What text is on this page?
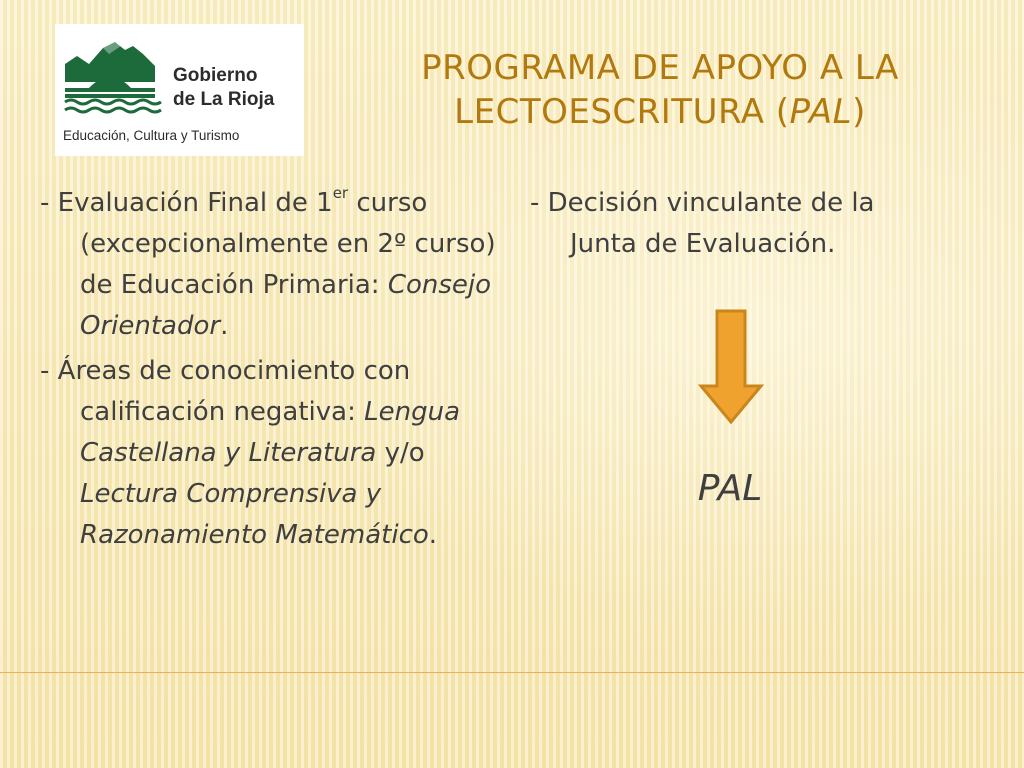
Gobierno
de La Rioja
Educación, Cultura y Turismo
PROGRAMA DE APOYO A LA
LECTOESCRITURA (PAL)

- Evaluación Final de 1er curso (excepcionalmente en 2º curso) de Educación Primaria: Consejo Orientador.

- Áreas de conocimiento con calificación negativa: Lengua Castellana y Literatura y/o Lectura Comprensiva y Razonamiento Matemático.

- Decisión vinculante de la Junta de Evaluación.

PAL
